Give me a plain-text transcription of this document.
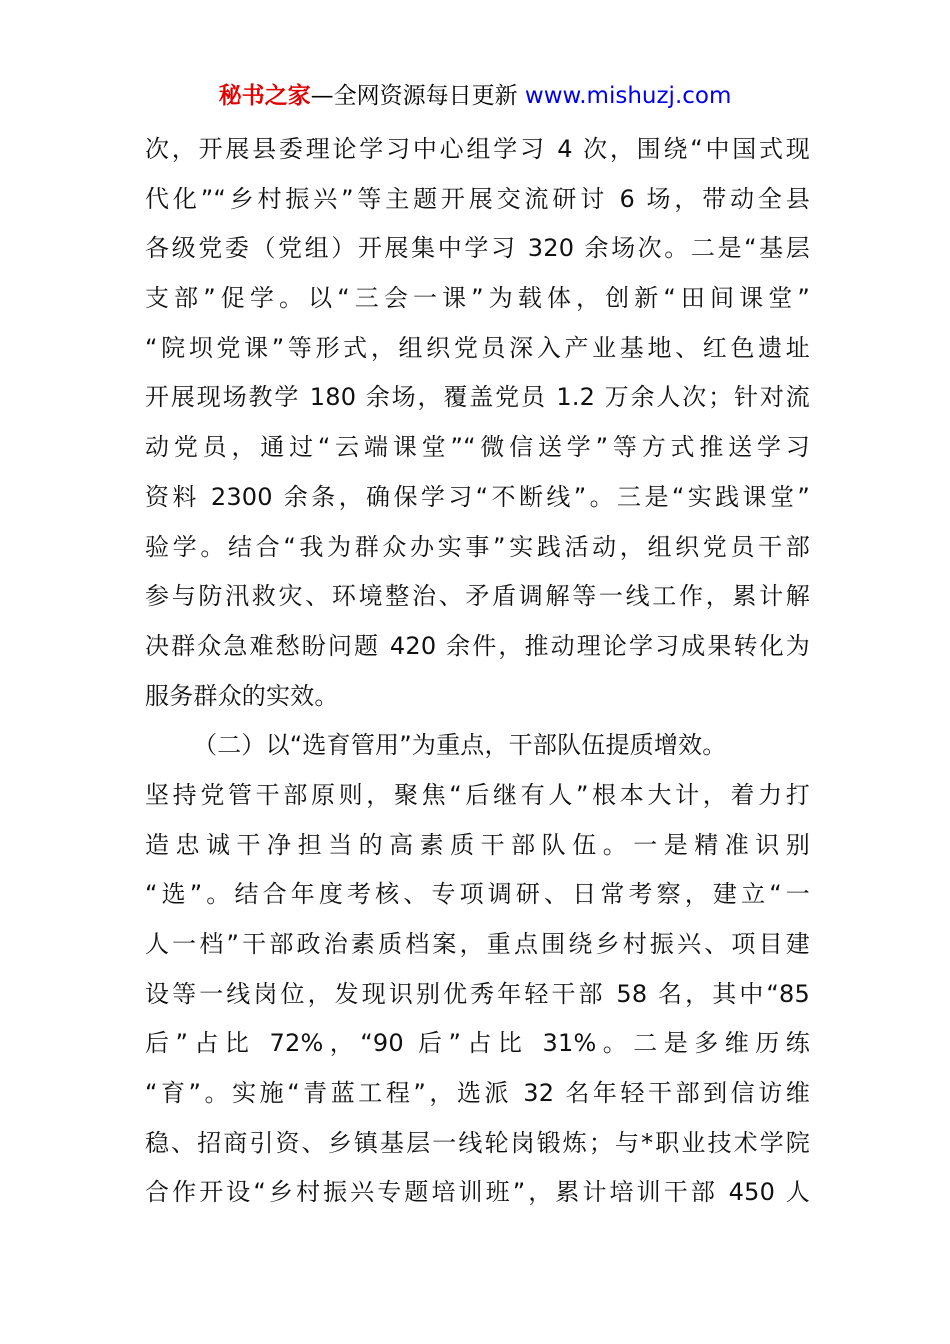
秘书之家—全网资源每日更新 www.mishuzj.com
次，开展县委理论学习中心组学习 4 次，围绕“中国式现
代化”“乡村振兴”等主题开展交流研讨 6 场，带动全县
各级党委（党组）开展集中学习 320 余场次。二是“基层
支部”促学。以“三会一课”为载体，创新“田间课堂”
“院坝党课”等形式，组织党员深入产业基地、红色遗址
开展现场教学 180 余场，覆盖党员 1.2 万余人次；针对流
动党员，通过“云端课堂”“微信送学”等方式推送学习
资料 2300 余条，确保学习“不断线”。三是“实践课堂”
验学。结合“我为群众办实事”实践活动，组织党员干部
参与防汛救灾、环境整治、矛盾调解等一线工作，累计解
决群众急难愁盼问题 420 余件，推动理论学习成果转化为
服务群众的实效。
（二）以“选育管用”为重点，干部队伍提质增效。
坚持党管干部原则，聚焦“后继有人”根本大计，着力打
造忠诚干净担当的高素质干部队伍。一是精准识别
“选”。结合年度考核、专项调研、日常考察，建立“一
人一档”干部政治素质档案，重点围绕乡村振兴、项目建
设等一线岗位，发现识别优秀年轻干部 58 名，其中“85
后”占比 72%，“90 后”占比 31%。二是多维历练
“育”。实施“青蓝工程”，选派 32 名年轻干部到信访维
稳、招商引资、乡镇基层一线轮岗锻炼；与*职业技术学院
合作开设“乡村振兴专题培训班”，累计培训干部 450 人
